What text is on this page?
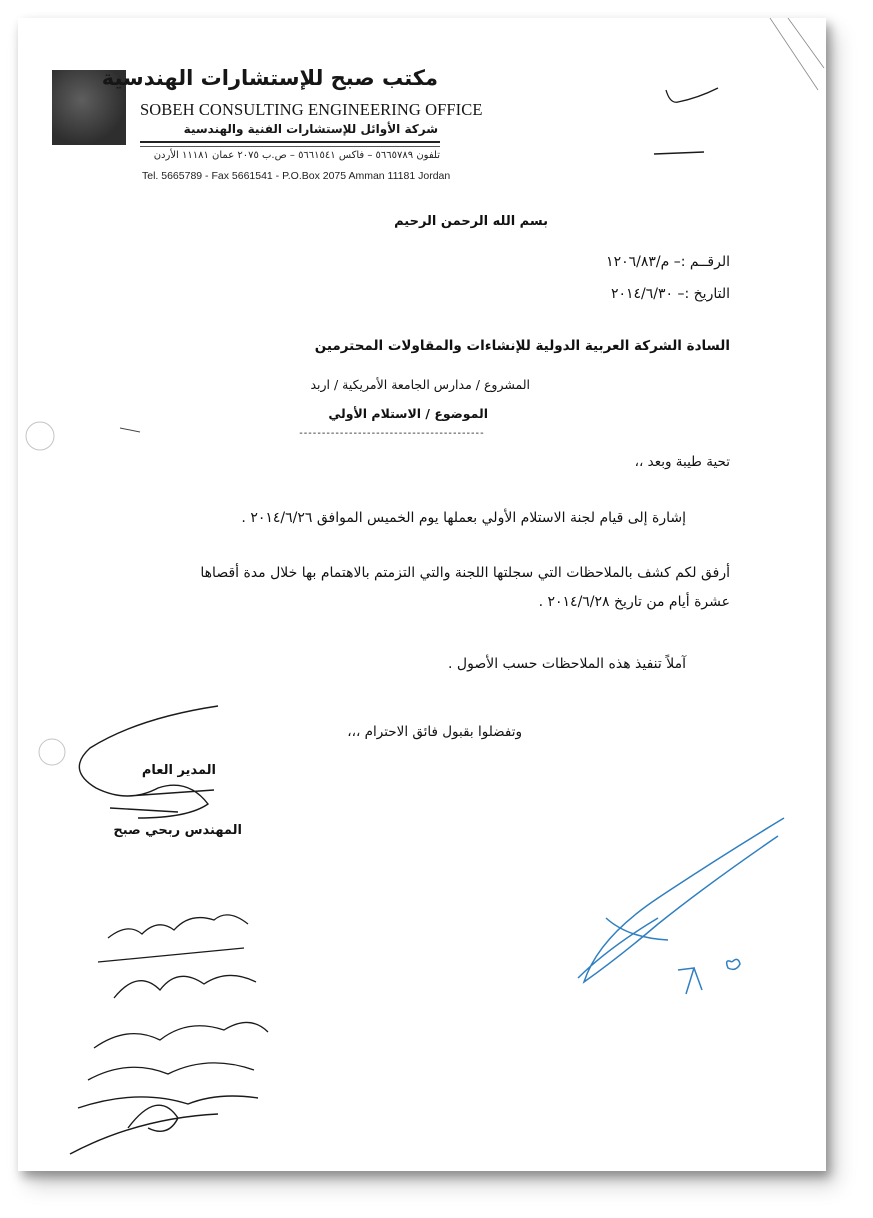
مكتب صبح للإستشارات الهندسية
SOBEH CONSULTING ENGINEERING OFFICE
شركة الأوائل للإستشارات الفنية والهندسية
تلفون ٥٦٦٥٧٨٩ – فاكس ٥٦٦١٥٤١ – ص.ب ٢٠٧٥ عمان ١١١٨١ الأردن
Tel. 5665789 - Fax 5661541 - P.O.Box 2075 Amman 11181 Jordan
بسم الله الرحمن الرحيم
الرقــم :– م/١٢٠٦/٨٣
التاريخ :– ٢٠١٤/٦/٣٠
السادة الشركة العربية الدولية للإنشاءات والمقاولات المحترمين
المشروع / مدارس الجامعة الأمريكية / اربد
الموضوع / الاستلام الأولي
-----------------------------------------
تحية طيبة وبعد ،،
إشارة إلى قيام لجنة الاستلام الأولي بعملها يوم الخميس الموافق ٢٠١٤/٦/٢٦ .
أرفق لكم كشف بالملاحظات التي سجلتها اللجنة والتي التزمتم بالاهتمام بها خلال مدة أقصاها
عشرة أيام من تاريخ ٢٠١٤/٦/٢٨ .
آملاً تنفيذ هذه الملاحظات حسب الأصول .
وتفضلوا بقبول فائق الاحترام ،،،
المدير العام
المهندس ربحي صبح
